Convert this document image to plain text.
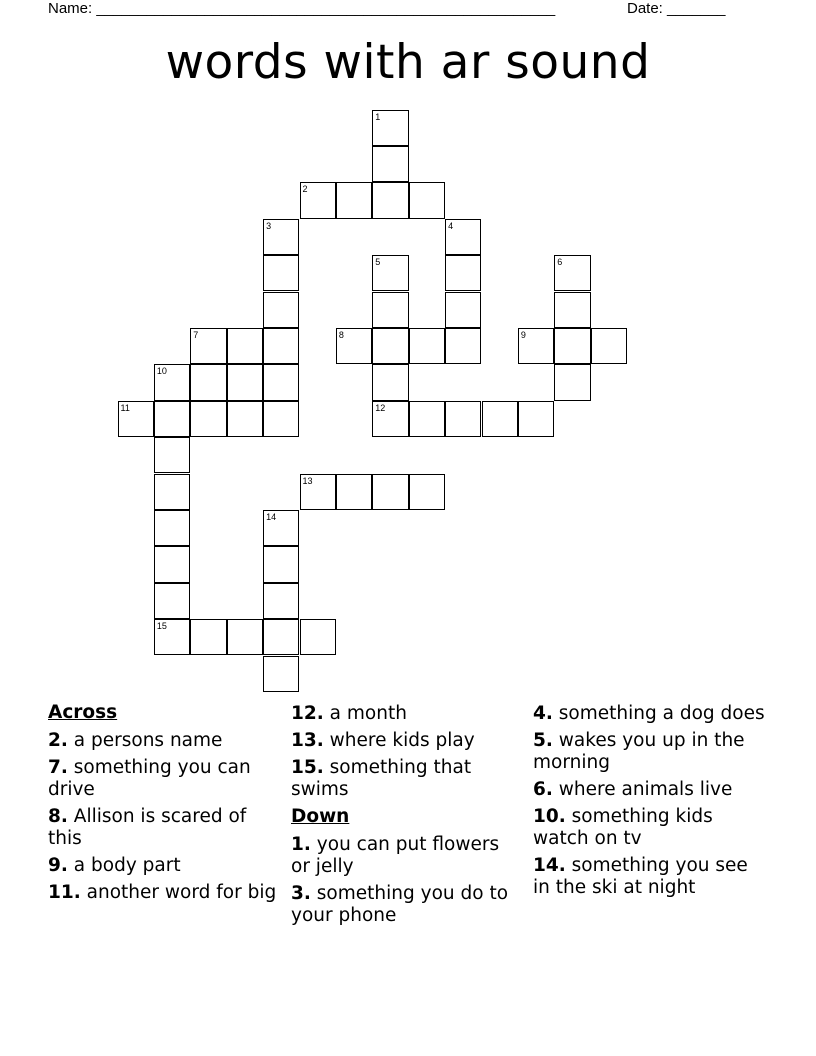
Name: _______________________________________________________	Date: _______
words with ar sound
1
2
3	4
5	6
7	8	9
10
11	12
13
14
15
Across
2. a persons name
7. something you can drive
8. Allison is scared of this
9. a body part
11. another word for big
12. a month
13. where kids play
15. something that swims
Down
1. you can put flowers or jelly
3. something you do to your phone
4. something a dog does
5. wakes you up in the morning
6. where animals live
10. something kids watch on tv
14. something you see in the ski at night
